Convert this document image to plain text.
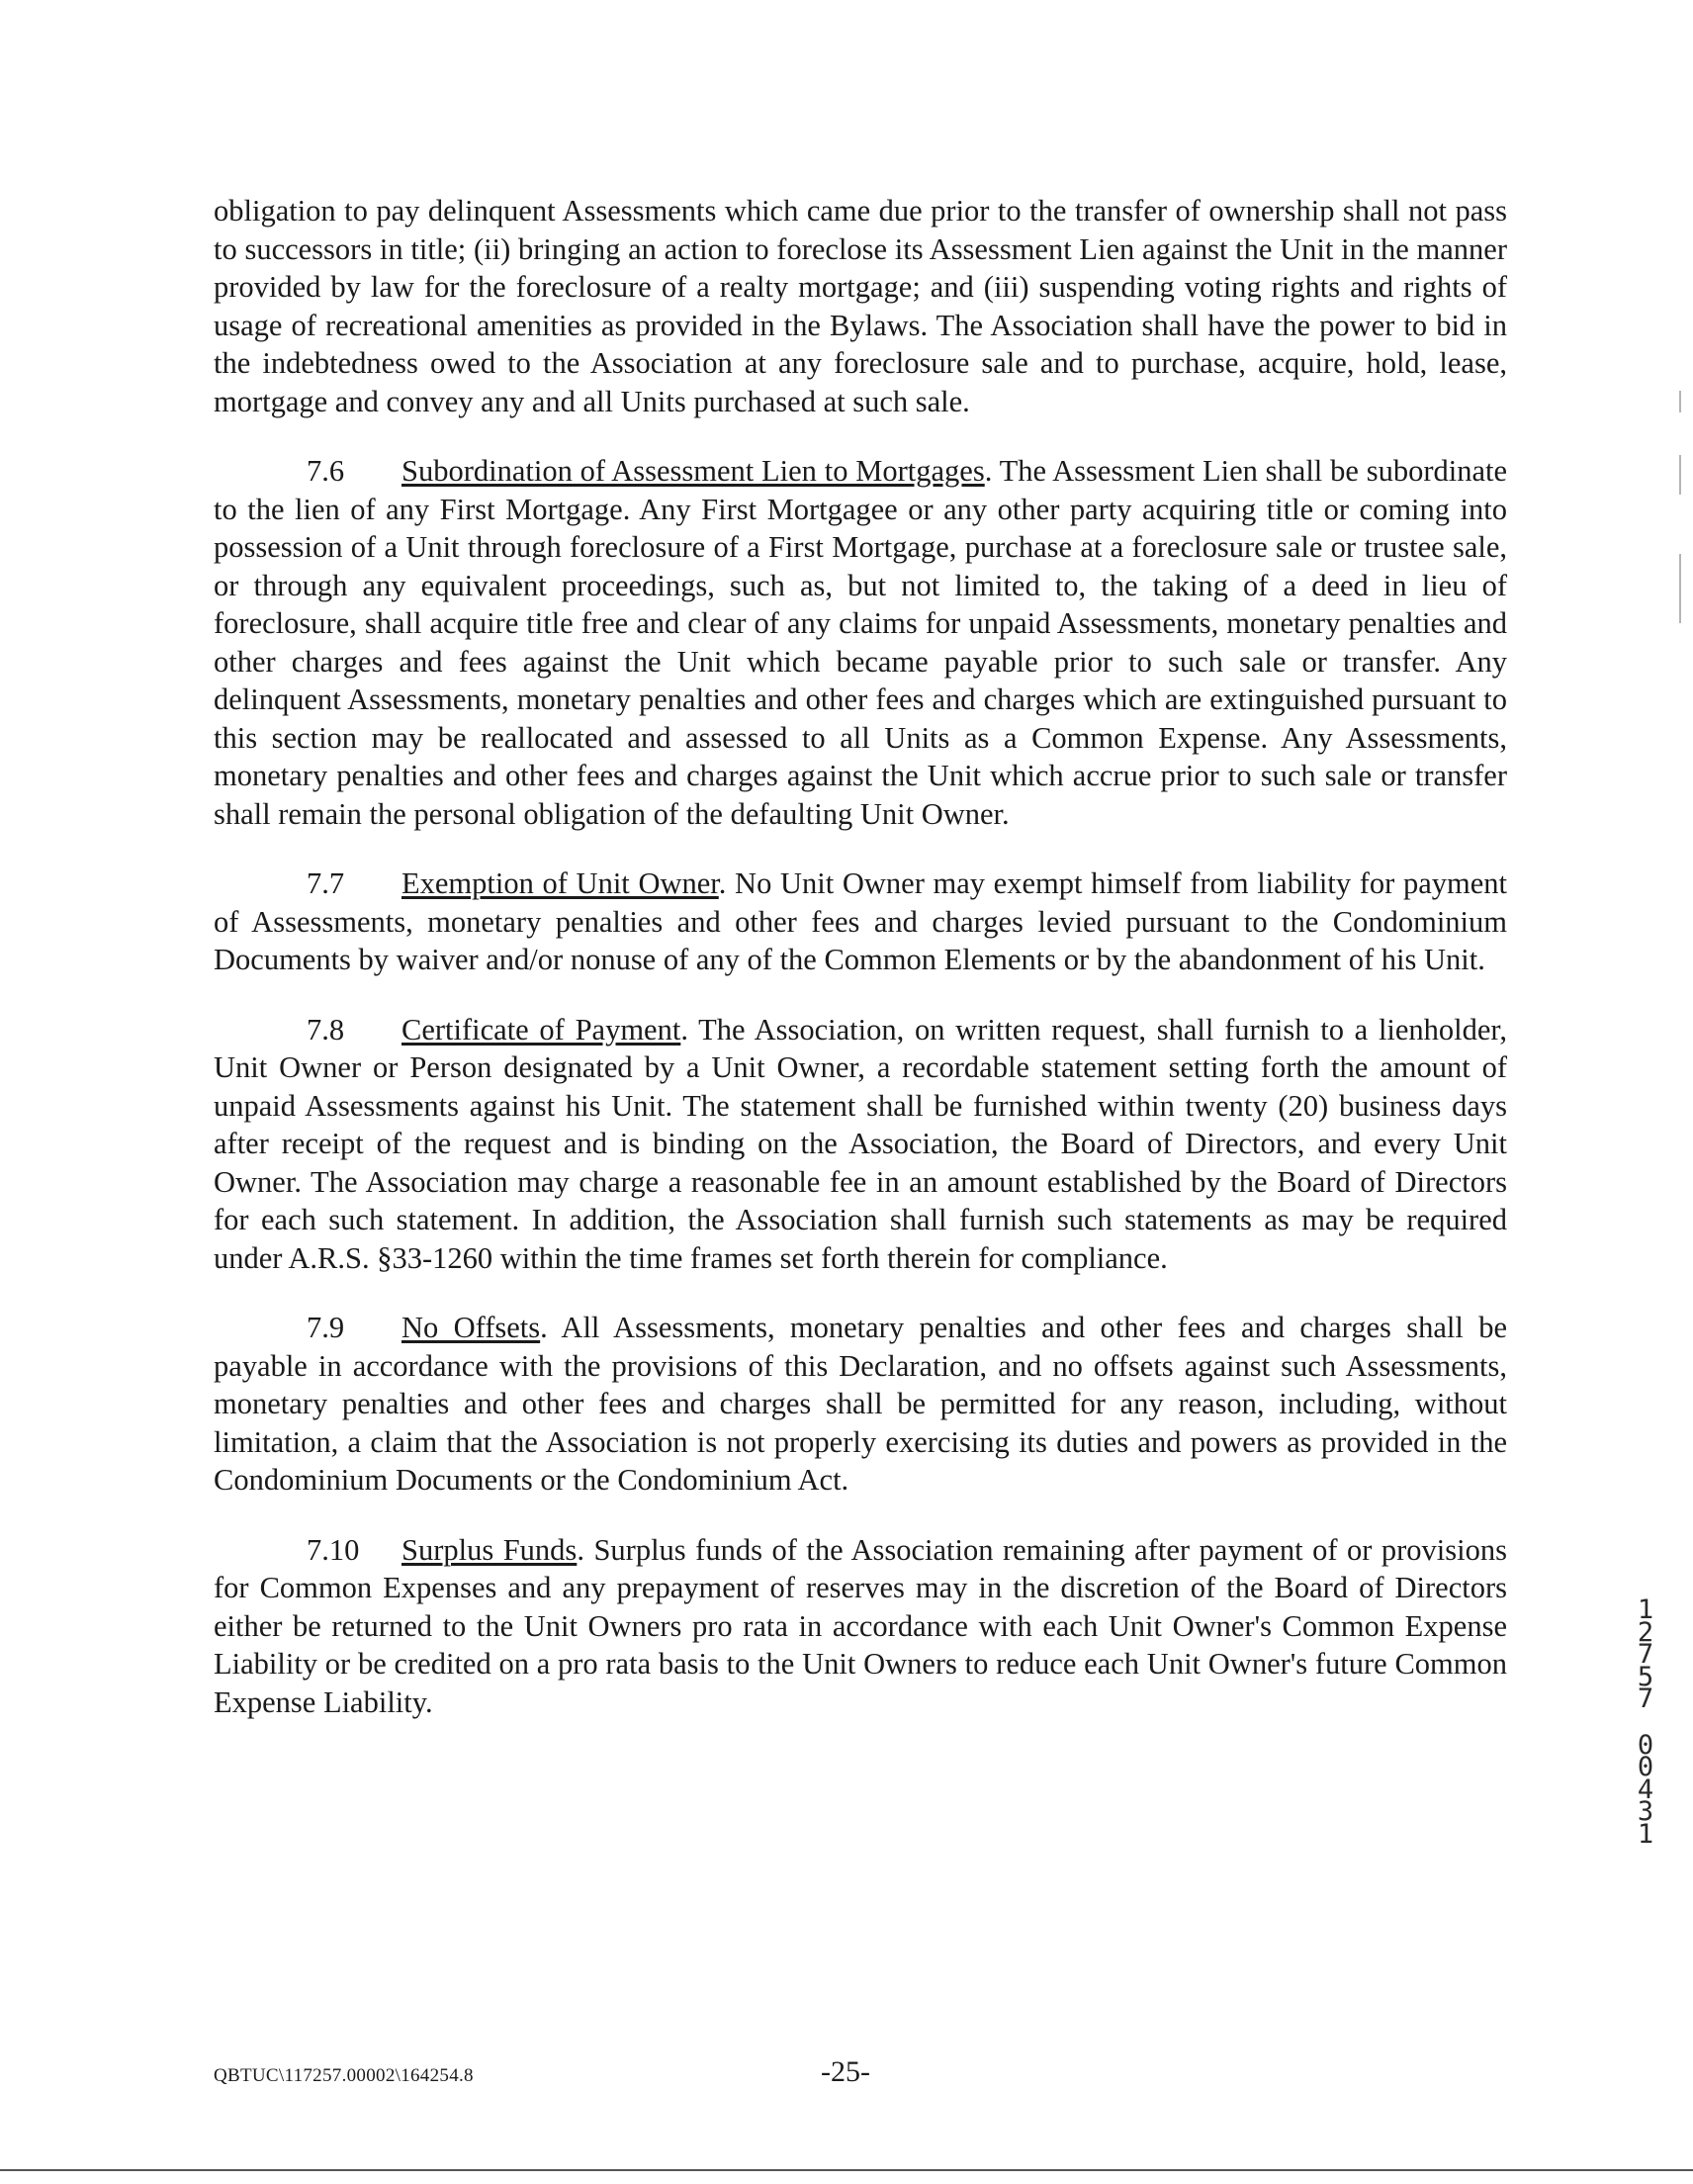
obligation to pay delinquent Assessments which came due prior to the transfer of ownership shall not pass to successors in title; (ii) bringing an action to foreclose its Assessment Lien against the Unit in the manner provided by law for the foreclosure of a realty mortgage; and (iii) suspending voting rights and rights of usage of recreational amenities as provided in the Bylaws. The Association shall have the power to bid in the indebtedness owed to the Association at any foreclosure sale and to purchase, acquire, hold, lease, mortgage and convey any and all Units purchased at such sale.

7.6 Subordination of Assessment Lien to Mortgages. The Assessment Lien shall be subordinate to the lien of any First Mortgage. Any First Mortgagee or any other party acquiring title or coming into possession of a Unit through foreclosure of a First Mortgage, purchase at a foreclosure sale or trustee sale, or through any equivalent proceedings, such as, but not limited to, the taking of a deed in lieu of foreclosure, shall acquire title free and clear of any claims for unpaid Assessments, monetary penalties and other charges and fees against the Unit which became payable prior to such sale or transfer. Any delinquent Assessments, monetary penalties and other fees and charges which are extinguished pursuant to this section may be reallocated and assessed to all Units as a Common Expense. Any Assessments, monetary penalties and other fees and charges against the Unit which accrue prior to such sale or transfer shall remain the personal obligation of the defaulting Unit Owner.

7.7 Exemption of Unit Owner. No Unit Owner may exempt himself from liability for payment of Assessments, monetary penalties and other fees and charges levied pursuant to the Condominium Documents by waiver and/or nonuse of any of the Common Elements or by the abandonment of his Unit.

7.8 Certificate of Payment. The Association, on written request, shall furnish to a lienholder, Unit Owner or Person designated by a Unit Owner, a recordable statement setting forth the amount of unpaid Assessments against his Unit. The statement shall be furnished within twenty (20) business days after receipt of the request and is binding on the Association, the Board of Directors, and every Unit Owner. The Association may charge a reasonable fee in an amount established by the Board of Directors for each such statement. In addition, the Association shall furnish such statements as may be required under A.R.S. §33-1260 within the time frames set forth therein for compliance.

7.9 No Offsets. All Assessments, monetary penalties and other fees and charges shall be payable in accordance with the provisions of this Declaration, and no offsets against such Assessments, monetary penalties and other fees and charges shall be permitted for any reason, including, without limitation, a claim that the Association is not properly exercising its duties and powers as provided in the Condominium Documents or the Condominium Act.

7.10 Surplus Funds. Surplus funds of the Association remaining after payment of or provisions for Common Expenses and any prepayment of reserves may in the discretion of the Board of Directors either be returned to the Unit Owners pro rata in accordance with each Unit Owner's Common Expense Liability or be credited on a pro rata basis to the Unit Owners to reduce each Unit Owner's future Common Expense Liability.

1
2
7
5
7
0
0
4
3
1
QBTUC\117257.00002\164254.8	-25-
